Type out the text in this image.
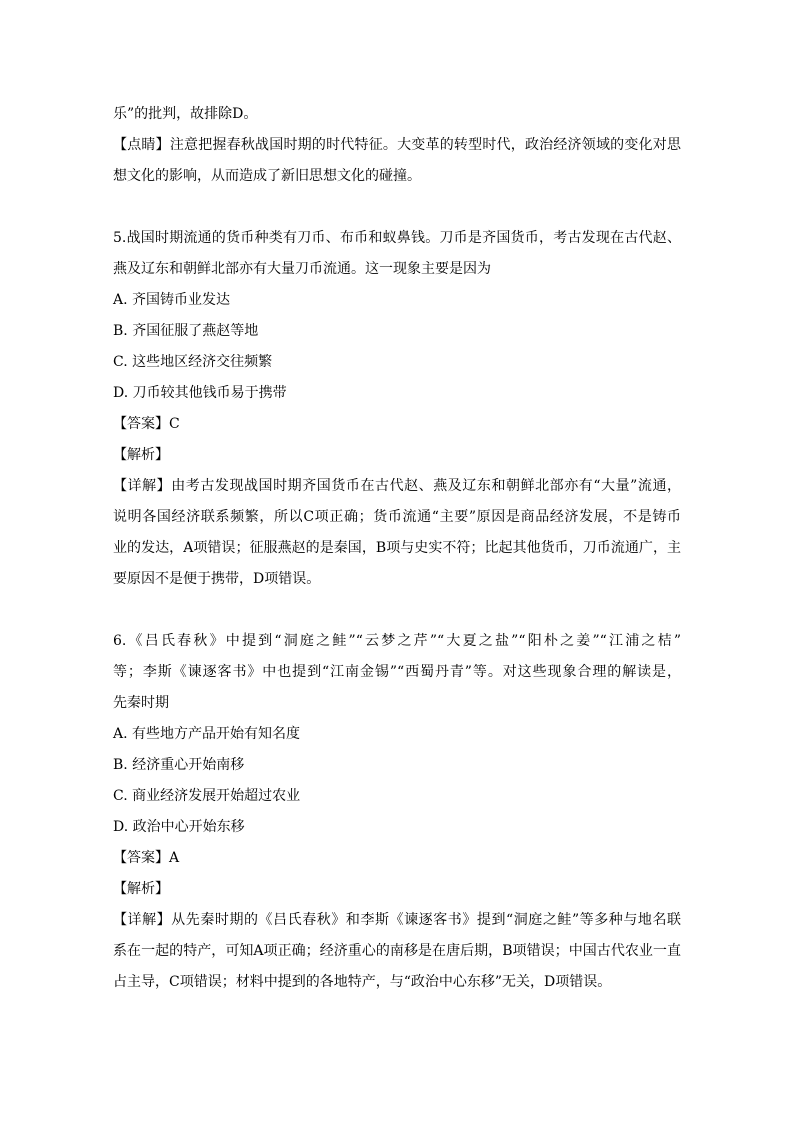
乐”的批判，故排除D。
【点睛】注意把握春秋战国时期的时代特征。大变革的转型时代，政治经济领域的变化对思
想文化的影响，从而造成了新旧思想文化的碰撞。
5.战国时期流通的货币种类有刀币、布币和蚁鼻钱。刀币是齐国货币，考古发现在古代赵、
燕及辽东和朝鲜北部亦有大量刀币流通。这一现象主要是因为
A. 齐国铸币业发达
B. 齐国征服了燕赵等地
C. 这些地区经济交往频繁
D. 刀币较其他钱币易于携带
【答案】C
【解析】
【详解】由考古发现战国时期齐国货币在古代赵、燕及辽东和朝鲜北部亦有“大量”流通，
说明各国经济联系频繁，所以C项正确；货币流通“主要”原因是商品经济发展，不是铸币
业的发达，A项错误；征服燕赵的是秦国，B项与史实不符；比起其他货币，刀币流通广，主
要原因不是便于携带，D项错误。
6.《吕氏春秋》中提到“洞庭之鲑”“云梦之芹”“大夏之盐”“阳朴之姜”“江浦之桔”
等；李斯《谏逐客书》中也提到“江南金锡”“西蜀丹青”等。对这些现象合理的解读是，
先秦时期
A. 有些地方产品开始有知名度
B. 经济重心开始南移
C. 商业经济发展开始超过农业
D. 政治中心开始东移
【答案】A
【解析】
【详解】从先秦时期的《吕氏春秋》和李斯《谏逐客书》提到“洞庭之鲑”等多种与地名联
系在一起的特产，可知A项正确；经济重心的南移是在唐后期，B项错误；中国古代农业一直
占主导，C项错误；材料中提到的各地特产，与“政治中心东移”无关，D项错误。
